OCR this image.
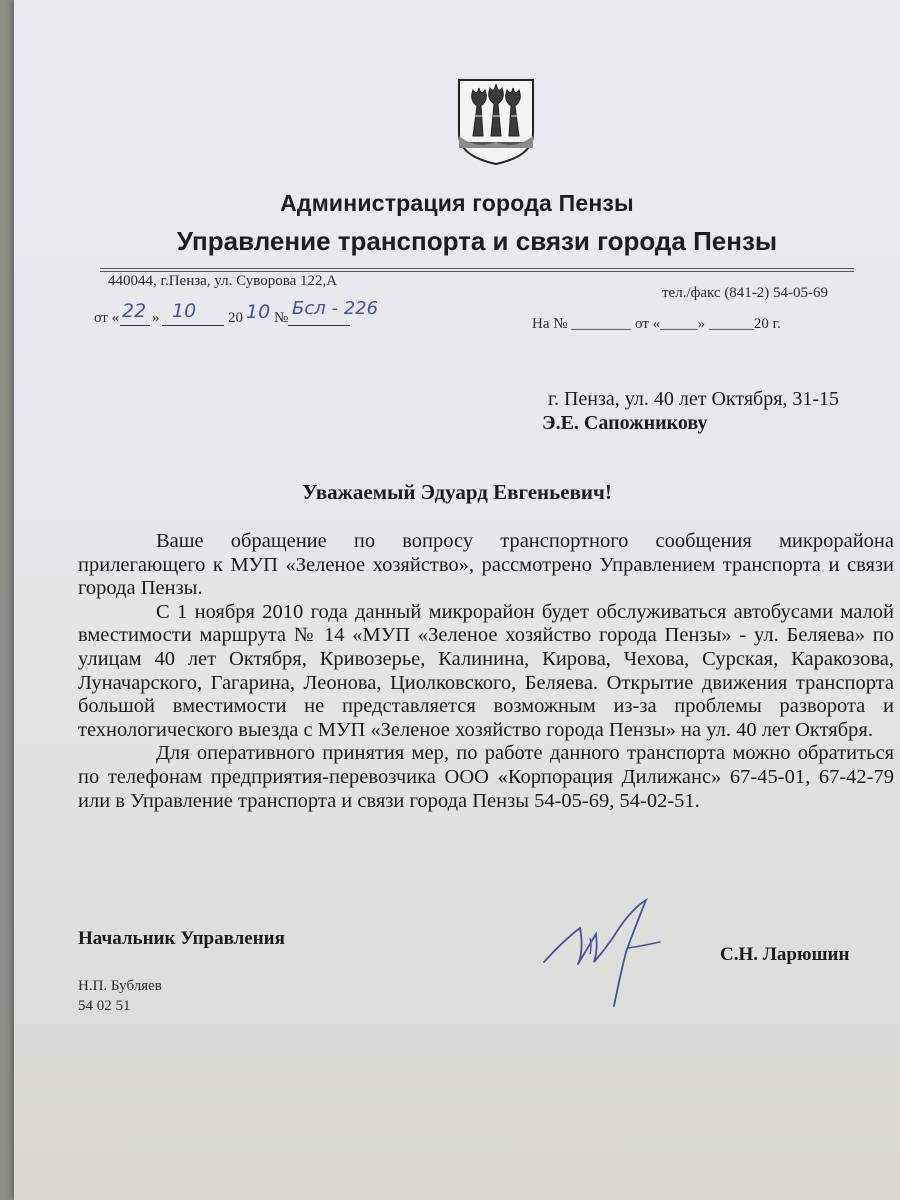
Администрация города Пензы
Управление транспорта и связи города Пензы
440044, г.Пенза, ул. Суворова 122,А
тел./факс (841-2) 54-05-69
от « 22 » 10 20 10 № Бсл - 226
На № ________ от «_____» ______20 г.
г. Пенза, ул. 40 лет Октября, 31-15
Э.Е. Сапожникову
Уважаемый Эдуард Евгеньевич!

Ваше обращение по вопросу транспортного сообщения микрорайона прилегающего к МУП «Зеленое хозяйство», рассмотрено Управлением транспорта и связи города Пензы.

С 1 ноября 2010 года данный микрорайон будет обслуживаться автобусами малой вместимости маршрута № 14 «МУП «Зеленое хозяйство города Пензы» - ул. Беляева» по улицам 40 лет Октября, Кривозерье, Калинина, Кирова, Чехова, Сурская, Каракозова, Луначарского, Гагарина, Леонова, Циолковского, Беляева. Открытие движения транспорта большой вместимости не представляется возможным из-за проблемы разворота и технологического выезда с МУП «Зеленое хозяйство города Пензы» на ул. 40 лет Октября.

Для оперативного принятия мер, по работе данного транспорта можно обратиться по телефонам предприятия-перевозчика ООО «Корпорация Дилижанс» 67-45-01, 67-42-79 или в Управление транспорта и связи города Пензы 54-05-69, 54-02-51.

Начальник Управления
С.Н. Ларюшин
Н.П. Бубляев
54 02 51
